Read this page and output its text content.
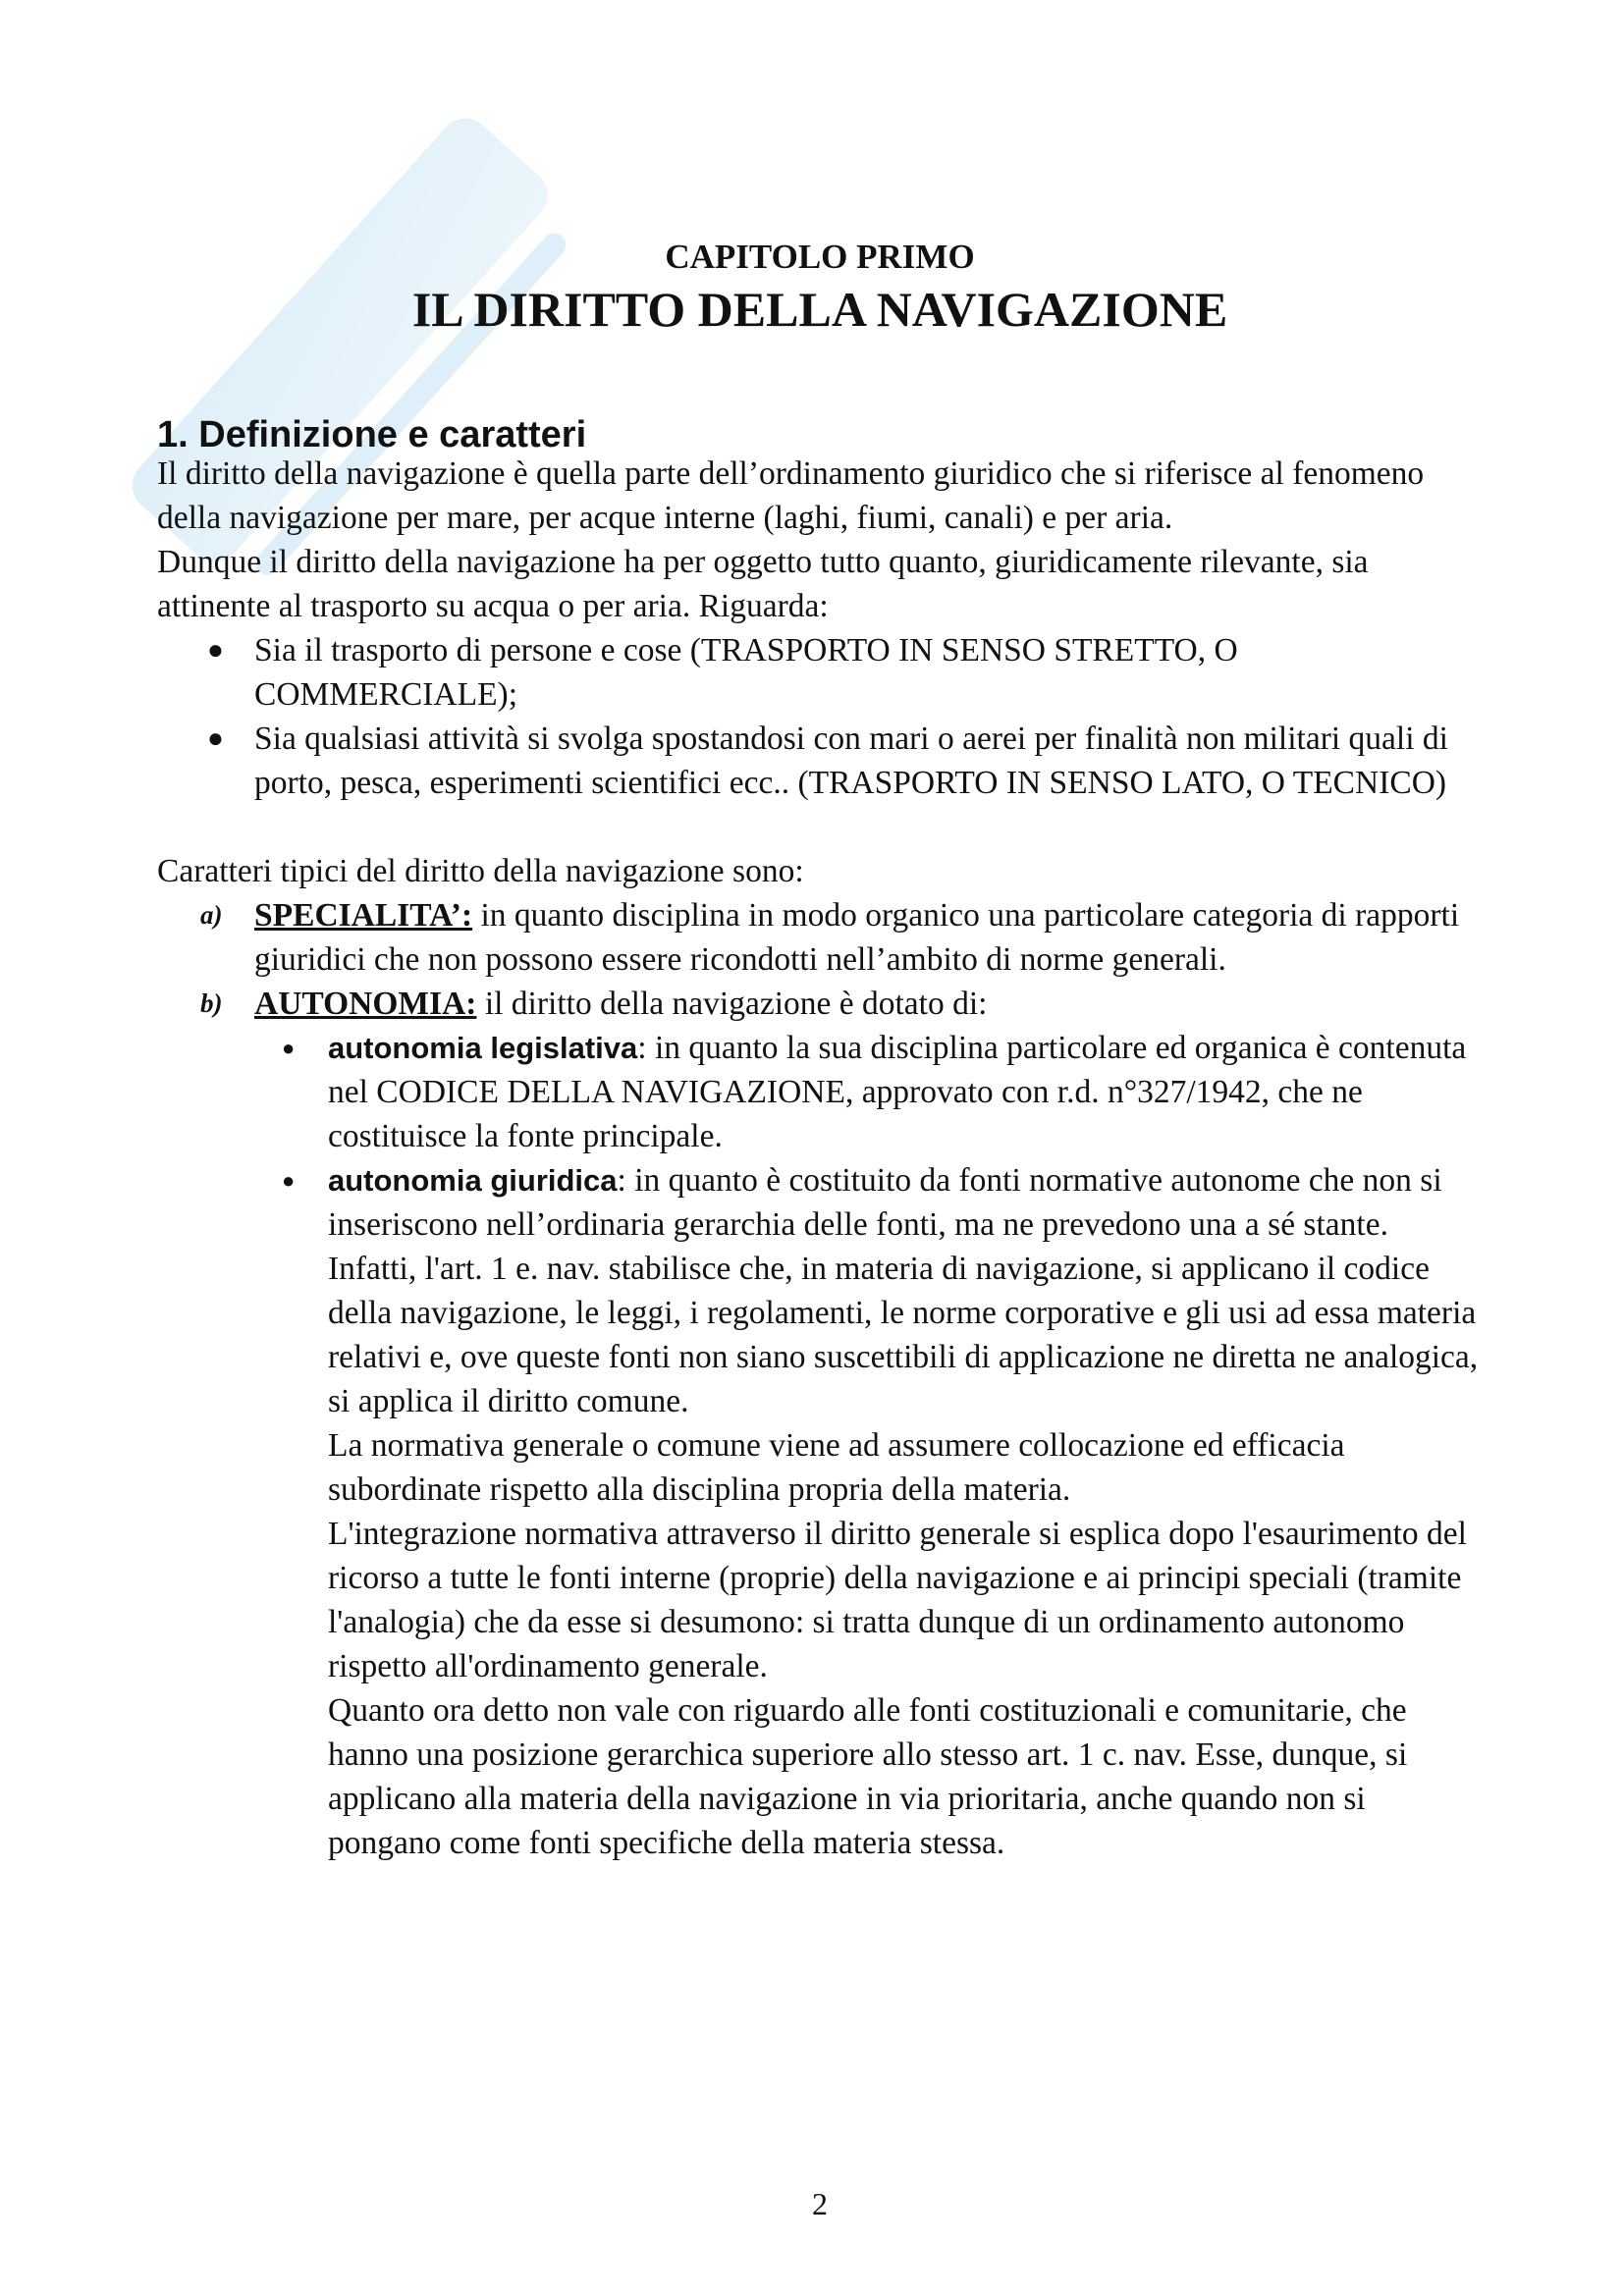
CAPITOLO PRIMO
IL DIRITTO DELLA NAVIGAZIONE
1. Definizione e caratteri

Il diritto della navigazione è quella parte dell’ordinamento giuridico che si riferisce al fenomeno della navigazione per mare, per acque interne (laghi, fiumi, canali) e per aria.

Dunque il diritto della navigazione ha per oggetto tutto quanto, giuridicamente rilevante, sia attinente al trasporto su acqua o per aria. Riguarda:

● Sia il trasporto di persone e cose (TRASPORTO IN SENSO STRETTO, O COMMERCIALE);
● Sia qualsiasi attività si svolga spostandosi con mari o aerei per finalità non militari quali di porto, pesca, esperimenti scientifici ecc.. (TRASPORTO IN SENSO LATO, O TECNICO)

Caratteri tipici del diritto della navigazione sono:

a) SPECIALITA’: in quanto disciplina in modo organico una particolare categoria di rapporti giuridici che non possono essere ricondotti nell’ambito di norme generali.
b) AUTONOMIA: il diritto della navigazione è dotato di:
● autonomia legislativa: in quanto la sua disciplina particolare ed organica è contenuta nel CODICE DELLA NAVIGAZIONE, approvato con r.d. n°327/1942, che ne costituisce la fonte principale.
● autonomia giuridica: in quanto è costituito da fonti normative autonome che non si inseriscono nell’ordinaria gerarchia delle fonti, ma ne prevedono una a sé stante. Infatti, l'art. 1 e. nav. stabilisce che, in materia di navigazione, si applicano il codice della navigazione, le leggi, i regolamenti, le norme corporative e gli usi ad essa materia relativi e, ove queste fonti non siano suscettibili di applicazione ne diretta ne analogica, si applica il diritto comune.
La normativa generale o comune viene ad assumere collocazione ed efficacia subordinate rispetto alla disciplina propria della materia.
L'integrazione normativa attraverso il diritto generale si esplica dopo l'esaurimento del ricorso a tutte le fonti interne (proprie) della navigazione e ai principi speciali (tramite l'analogia) che da esse si desumono: si tratta dunque di un ordinamento autonomo rispetto all'ordinamento generale.
Quanto ora detto non vale con riguardo alle fonti costituzionali e comunitarie, che hanno una posizione gerarchica superiore allo stesso art. 1 c. nav. Esse, dunque, si applicano alla materia della navigazione in via prioritaria, anche quando non si pongano come fonti specifiche della materia stessa.
2
